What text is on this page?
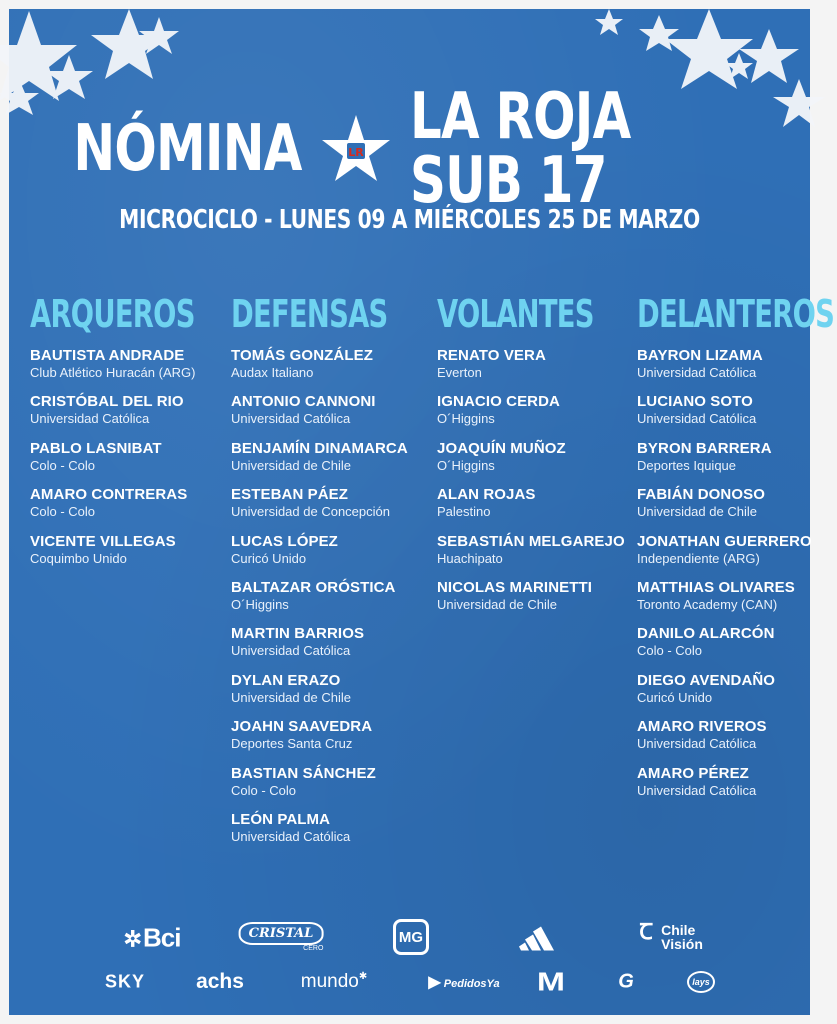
NÓMINA	LR LA ROJA SUB 17
MICROCICLO - LUNES 09 A MIÉRCOLES 25 DE MARZO
ARQUEROS
BAUTISTA ANDRADE
Club Atlético Huracán (ARG)
CRISTÓBAL DEL RIO
Universidad Católica
PABLO LASNIBAT
Colo - Colo
AMARO CONTRERAS
Colo - Colo
VICENTE VILLEGAS
Coquimbo Unido
DEFENSAS
TOMÁS GONZÁLEZ
Audax Italiano
ANTONIO CANNONI
Universidad Católica
BENJAMÍN DINAMARCA
Universidad de Chile
ESTEBAN PÁEZ
Universidad de Concepción
LUCAS LÓPEZ
Curicó Unido
BALTAZAR ORÓSTICA
O´Higgins
MARTIN BARRIOS
Universidad Católica
DYLAN ERAZO
Universidad de Chile
JOAHN SAAVEDRA
Deportes Santa Cruz
BASTIAN SÁNCHEZ
Colo - Colo
LEÓN PALMA
Universidad Católica
VOLANTES
RENATO VERA
Everton
IGNACIO CERDA
O´Higgins
JOAQUÍN MUÑOZ
O´Higgins
ALAN ROJAS
Palestino
SEBASTIÁN MELGAREJO
Huachipato
NICOLAS MARINETTI
Universidad de Chile
DELANTEROS
BAYRON LIZAMA
Universidad Católica
LUCIANO SOTO
Universidad Católica
BYRON BARRERA
Deportes Iquique
FABIÁN DONOSO
Universidad de Chile
JONATHAN GUERRERO
Independiente (ARG)
MATTHIAS OLIVARES
Toronto Academy (CAN)
DANILO ALARCÓN
Colo - Colo
DIEGO AVENDAÑO
Curicó Unido
AMARO RIVEROS
Universidad Católica
AMARO PÉREZ
Universidad Católica
✲Bci	CRISTAL
CERO
MG	Ꞇ Chile
Visión
SKY achs	mundo✱	▶ PedidosYa M	G	lays
